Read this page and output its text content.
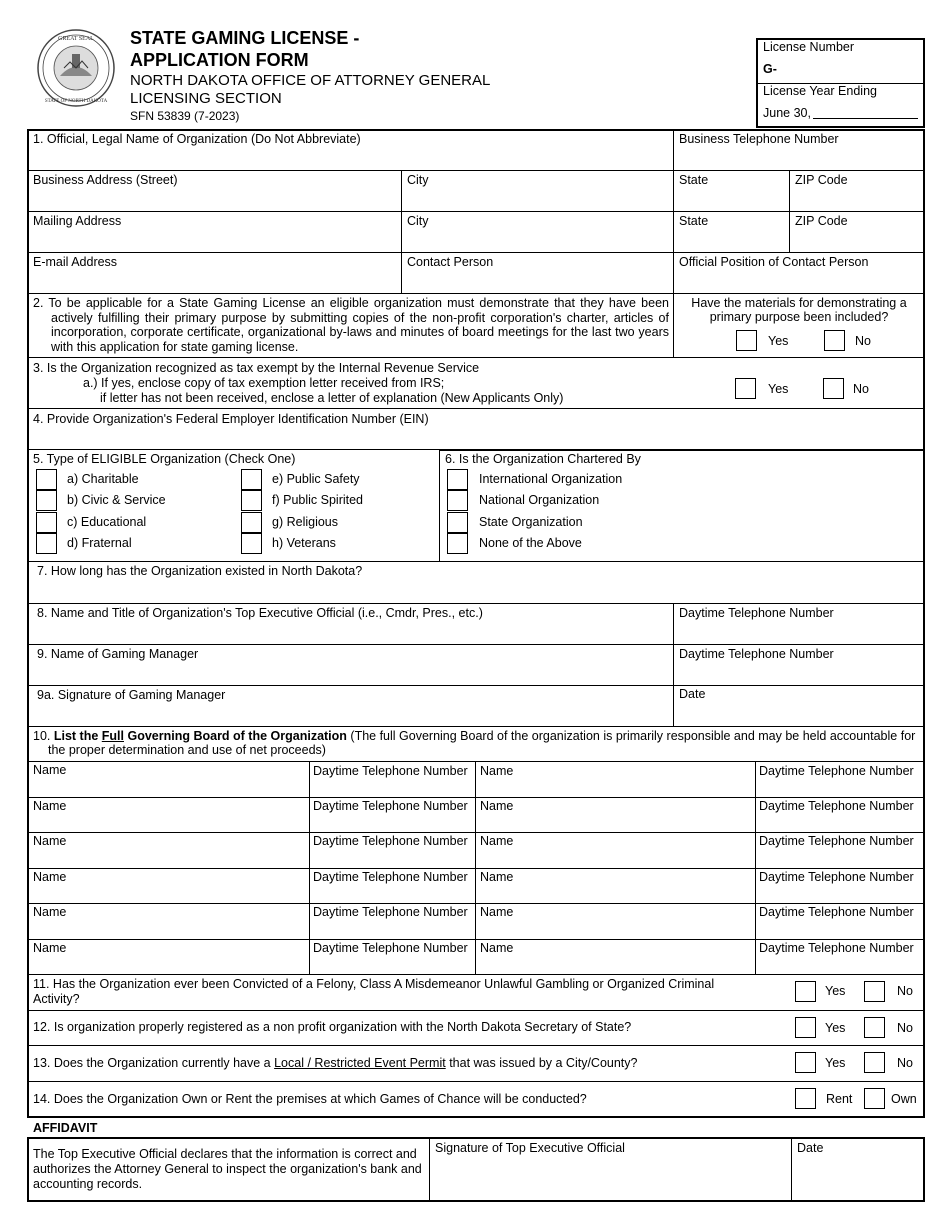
GREAT SEAL
STATE OF NORTH DAKOTA
STATE GAMING LICENSE -
APPLICATION FORM
NORTH DAKOTA OFFICE OF ATTORNEY GENERAL
LICENSING SECTION
SFN 53839 (7-2023)
License Number
G-
License Year Ending
June 30,
1. Official, Legal Name of Organization (Do Not Abbreviate)	Business Telephone Number
Business Address (Street)	City	State	ZIP Code
Mailing Address	City	State	ZIP Code
E-mail Address	Contact Person	Official Position of Contact Person
2. To be applicable for a State Gaming License an eligible organization must demonstrate that they have been
actively fulfilling their primary purpose by submitting copies of the non-profit corporation's charter, articles of
incorporation, corporate certificate, organizational by-laws and minutes of board meetings for the last two years
with this application for state gaming license.
Have the materials for demonstrating a
primary purpose been included?
Yes	No
3. Is the Organization recognized as tax exempt by the Internal Revenue Service
a.) If yes, enclose copy of tax exemption letter received from IRS;
if letter has not been received, enclose a letter of explanation (New Applicants Only)
Yes	No
4. Provide Organization's Federal Employer Identification Number (EIN)
5. Type of ELIGIBLE Organization (Check One)
a) Charitable
b) Civic & Service
c) Educational
d) Fraternal
e) Public Safety
f) Public Spirited
g) Religious
h) Veterans
6. Is the Organization Chartered By
International Organization
National Organization
State Organization
None of the Above
7. How long has the Organization existed in North Dakota?
8. Name and Title of Organization's Top Executive Official (i.e., Cmdr, Pres., etc.)	Daytime Telephone Number
9. Name of Gaming Manager	Daytime Telephone Number
9a. Signature of Gaming Manager	Date
10. List the Full Governing Board of the Organization (The full Governing Board of the organization is primarily responsible and may be held accountable for
the proper determination and use of net proceeds)
Name	Daytime Telephone Number Name	Daytime Telephone Number
Name	Daytime Telephone Number Name	Daytime Telephone Number
Name	Daytime Telephone Number Name	Daytime Telephone Number
Name	Daytime Telephone Number Name	Daytime Telephone Number
Name	Daytime Telephone Number Name	Daytime Telephone Number
Name	Daytime Telephone Number Name	Daytime Telephone Number
11. Has the Organization ever been Convicted of a Felony, Class A Misdemeanor Unlawful Gambling or Organized Criminal
Activity?
Yes	No
12. Is organization properly registered as a non profit organization with the North Dakota Secretary of State?	Yes	No
13. Does the Organization currently have a Local / Restricted Event Permit that was issued by a City/County?	Yes	No
14. Does the Organization Own or Rent the premises at which Games of Chance will be conducted?	Rent	Own
AFFIDAVIT
The Top Executive Official declares that the information is correct and
authorizes the Attorney General to inspect the organization's bank and
accounting records.
Signature of Top Executive Official	Date
